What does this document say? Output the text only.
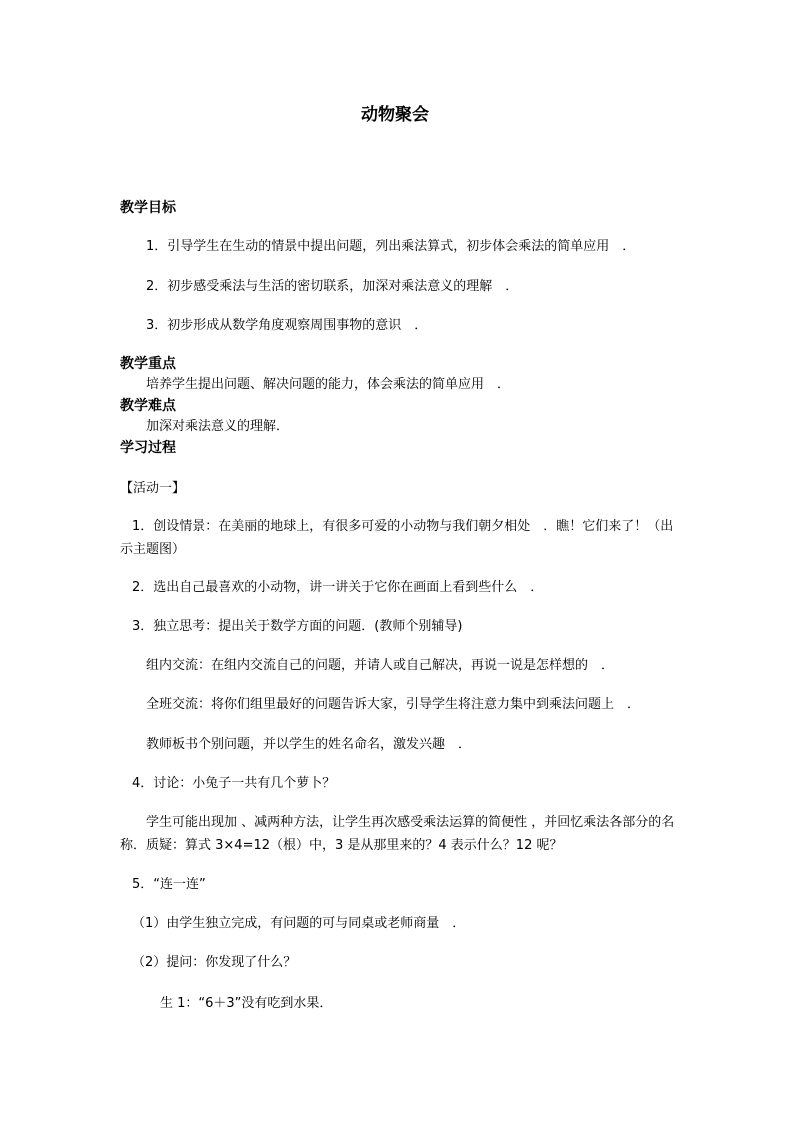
动物聚会
教学目标
1．引导学生在生动的情景中提出问题，列出乘法算式，初步体会乘法的简单应用　．
2．初步感受乘法与生活的密切联系，加深对乘法意义的理解　．
3．初步形成从数学角度观察周围事物的意识　．
教学重点
培养学生提出问题、解决问题的能力，体会乘法的简单应用　．
教学难点
加深对乘法意义的理解．
学习过程
【活动一】
1．创设情景：在美丽的地球上，有很多可爱的小动物与我们朝夕相处　．瞧！它们来了！（出示主题图）
2．选出自己最喜欢的小动物，讲一讲关于它你在画面上看到些什么　．
3．独立思考：提出关于数学方面的问题．(教师个别辅导)
组内交流：在组内交流自己的问题，并请人或自己解决，再说一说是怎样想的　．
全班交流：将你们组里最好的问题告诉大家，引导学生将注意力集中到乘法问题上　．
教师板书个别问题，并以学生的姓名命名，激发兴趣　．
4．讨论：小兔子一共有几个萝卜？
学生可能出现加 、减两种方法，让学生再次感受乘法运算的简便性 ，并回忆乘法各部分的名称．质疑：算式 3×4=12（根）中，3 是从那里来的？4 表示什么？12 呢？
5．“连一连”
（1）由学生独立完成，有问题的可与同桌或老师商量　．
（2）提问：你发现了什么？
生 1：“6＋3”没有吃到水果．
